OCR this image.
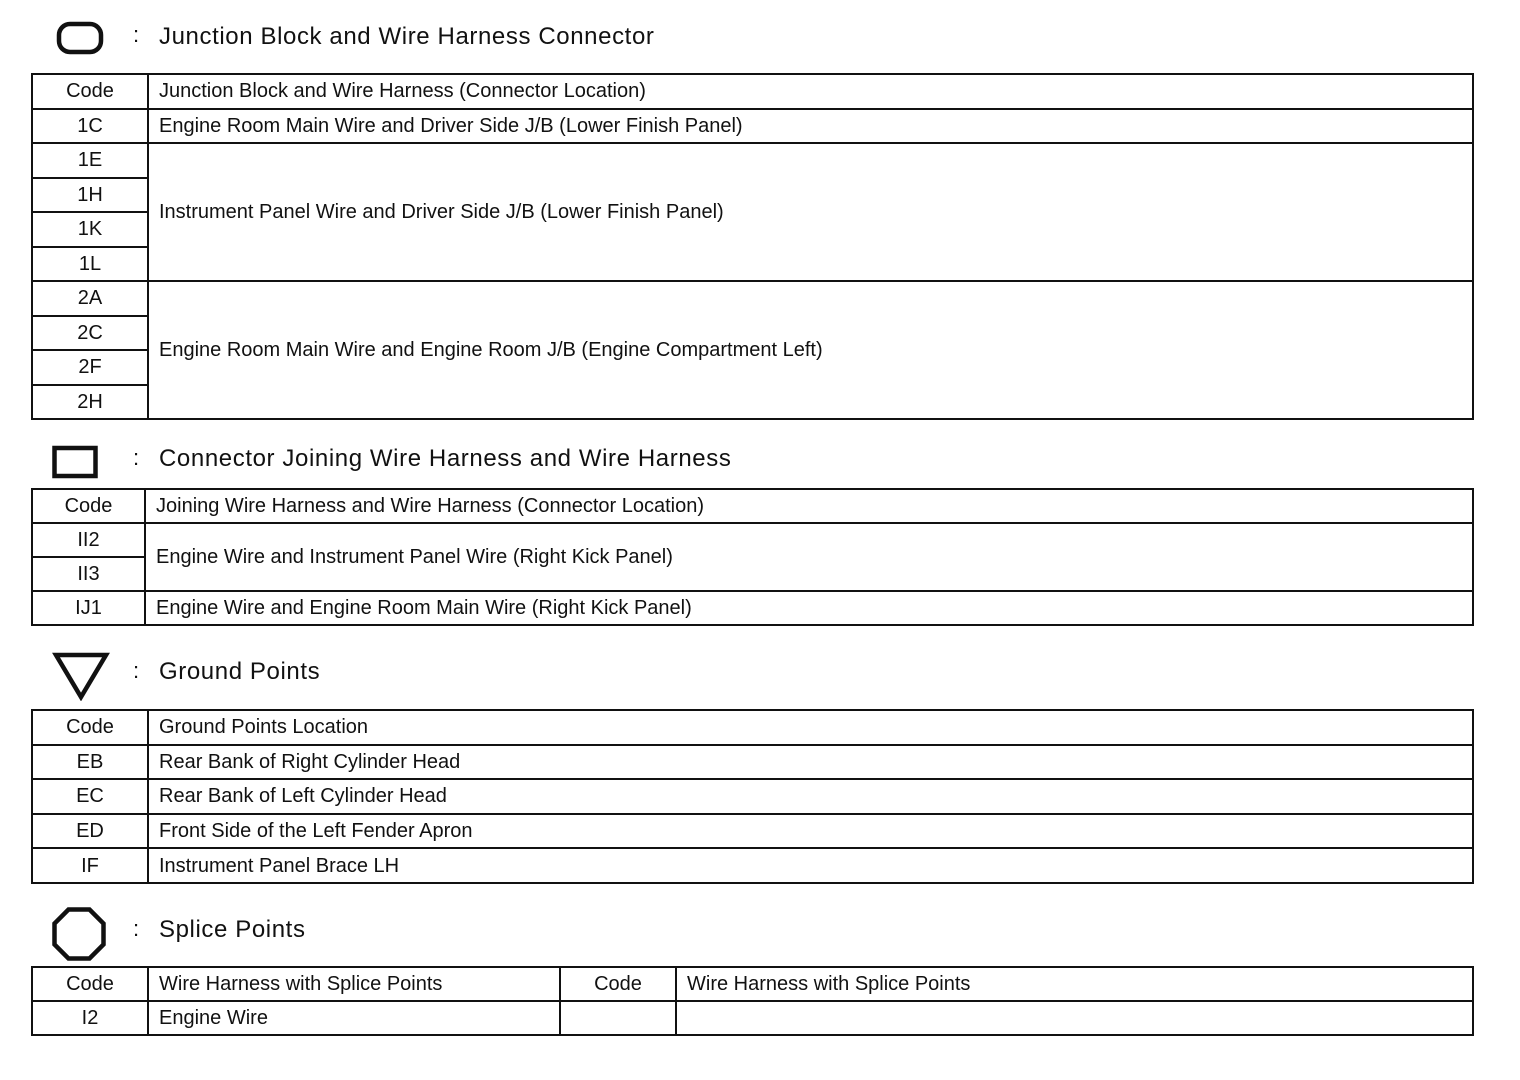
: Junction Block and Wire Harness Connector
Code	Junction Block and Wire Harness (Connector Location)
1C	Engine Room Main Wire and Driver Side J/B (Lower Finish Panel)
1E	Instrument Panel Wire and Driver Side J/B (Lower Finish Panel)
1H	
1K	
1L	
2A	Engine Room Main Wire and Engine Room J/B (Engine Compartment Left)
2C	
2F	
2H	
: Connector Joining Wire Harness and Wire Harness
Code	Joining Wire Harness and Wire Harness (Connector Location)
II2	Engine Wire and Instrument Panel Wire (Right Kick Panel)
II3	
IJ1	Engine Wire and Engine Room Main Wire (Right Kick Panel)
: Ground Points
Code	Ground Points Location
EB	Rear Bank of Right Cylinder Head
EC	Rear Bank of Left Cylinder Head
ED	Front Side of the Left Fender Apron
IF	Instrument Panel Brace LH
: Splice Points
Code	Wire Harness with Splice Points	Code	Wire Harness with Splice Points
I2	Engine Wire		
